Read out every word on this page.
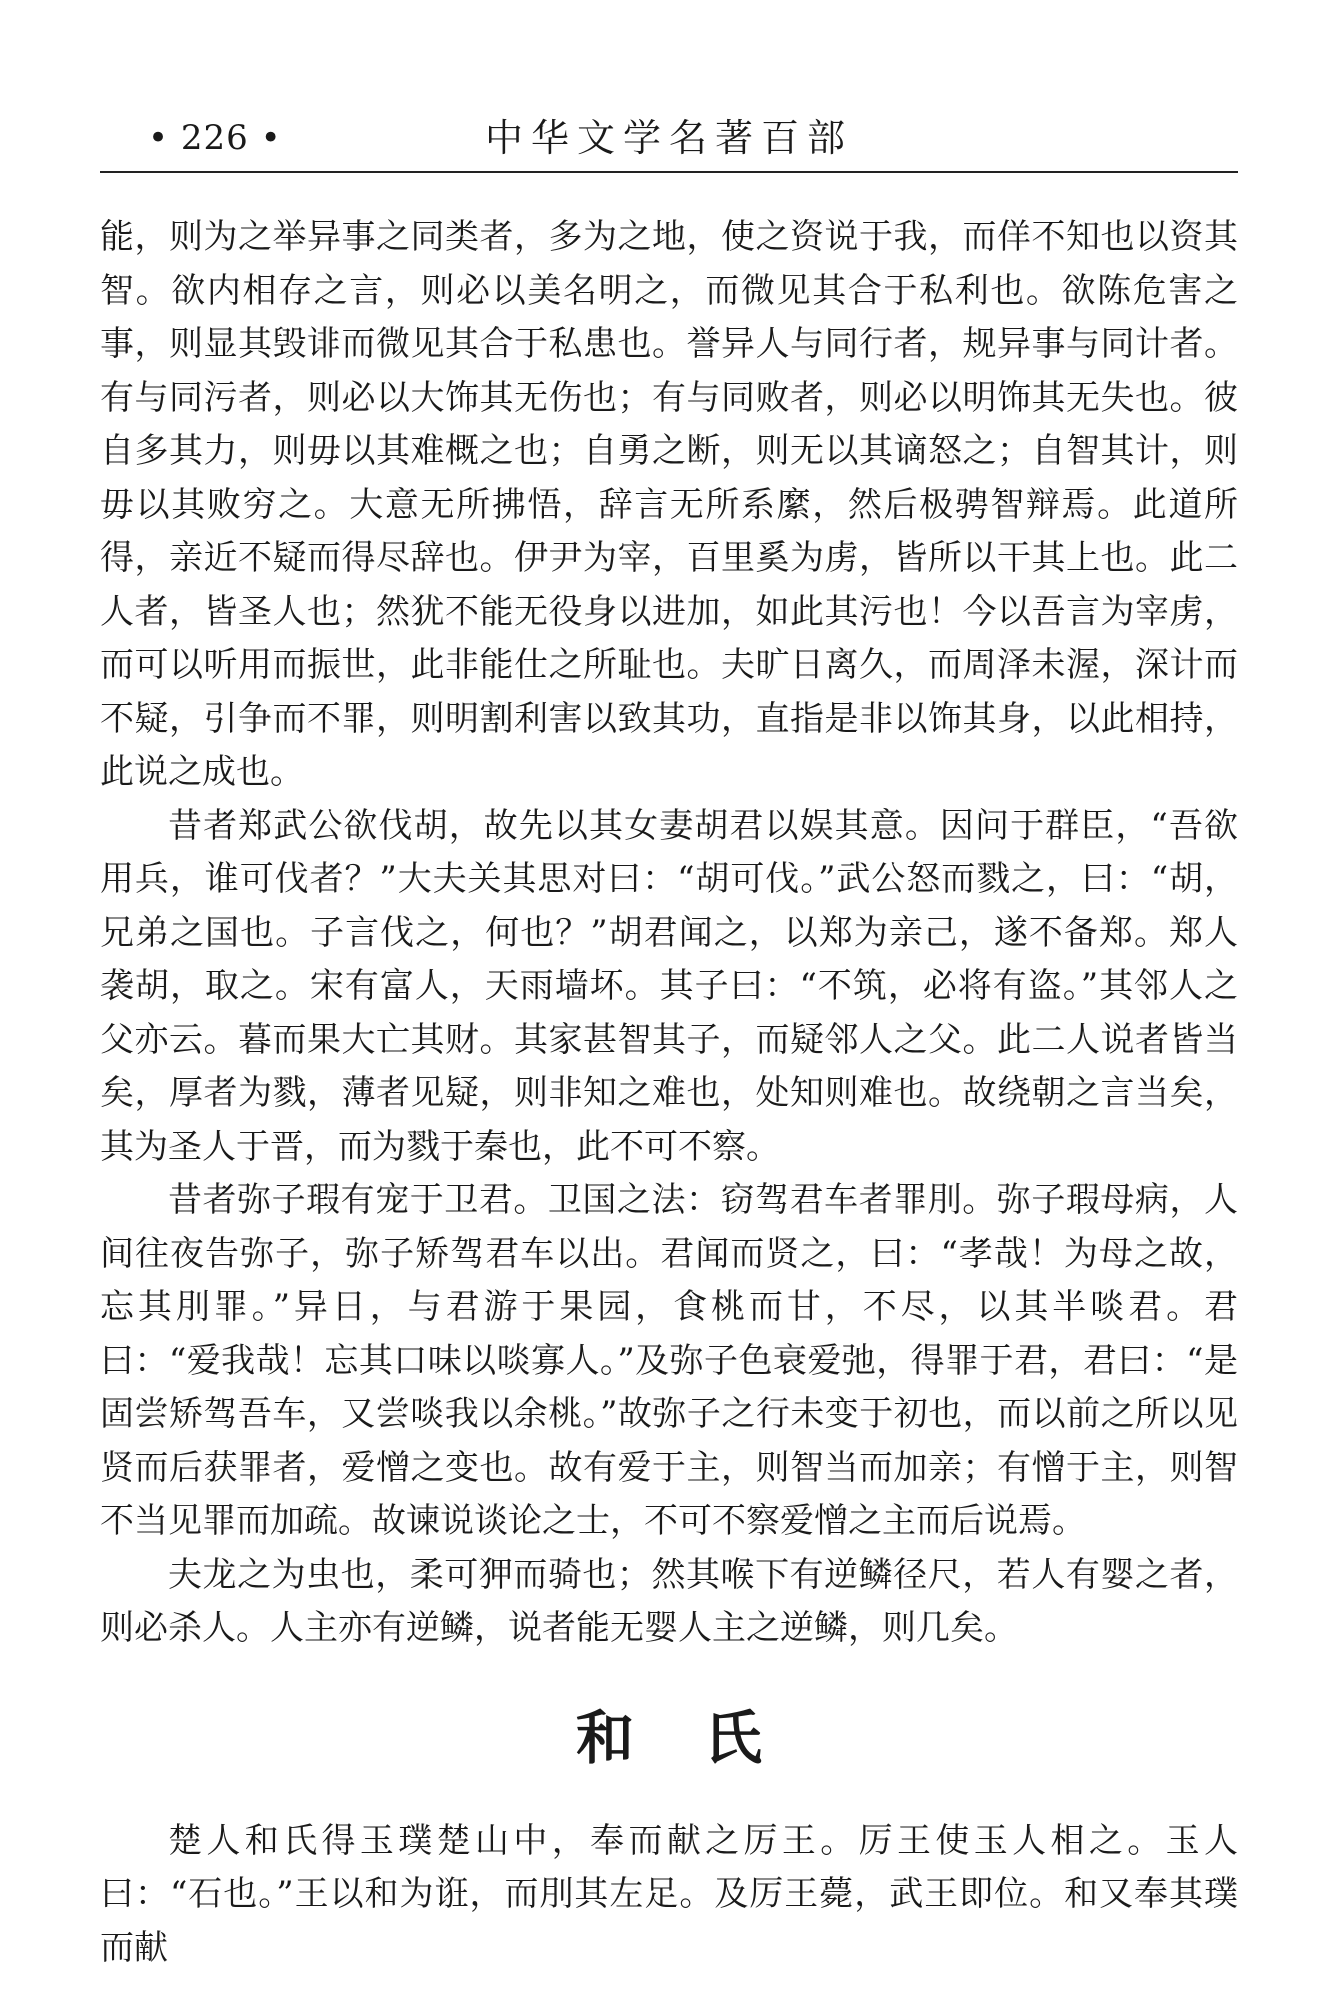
• 226 •	中华文学名著百部

能，则为之举异事之同类者，多为之地，使之资说于我，而佯不知也以资其智。欲内相存之言，则必以美名明之，而微见其合于私利也。欲陈危害之事，则显其毁诽而微见其合于私患也。誉异人与同行者，规异事与同计者。有与同污者，则必以大饰其无伤也；有与同败者，则必以明饰其无失也。彼自多其力，则毋以其难概之也；自勇之断，则无以其谪怒之；自智其计，则毋以其败穷之。大意无所拂悟，辞言无所系縻，然后极骋智辩焉。此道所得，亲近不疑而得尽辞也。伊尹为宰，百里奚为虏，皆所以干其上也。此二人者，皆圣人也；然犹不能无役身以进加，如此其污也！今以吾言为宰虏，而可以听用而振世，此非能仕之所耻也。夫旷日离久，而周泽未渥，深计而不疑，引争而不罪，则明割利害以致其功，直指是非以饰其身，以此相持，此说之成也。

昔者郑武公欲伐胡，故先以其女妻胡君以娱其意。因问于群臣，“吾欲用兵，谁可伐者？”大夫关其思对曰：“胡可伐。”武公怒而戮之，曰：“胡，兄弟之国也。子言伐之，何也？”胡君闻之，以郑为亲己，遂不备郑。郑人袭胡，取之。宋有富人，天雨墙坏。其子曰：“不筑，必将有盗。”其邻人之父亦云。暮而果大亡其财。其家甚智其子，而疑邻人之父。此二人说者皆当矣，厚者为戮，薄者见疑，则非知之难也，处知则难也。故绕朝之言当矣，其为圣人于晋，而为戮于秦也，此不可不察。

昔者弥子瑕有宠于卫君。卫国之法：窃驾君车者罪刖。弥子瑕母病，人间往夜告弥子，弥子矫驾君车以出。君闻而贤之，曰：“孝哉！为母之故，忘其刖罪。”异日，与君游于果园，食桃而甘，不尽，以其半啖君。君曰：“爱我哉！忘其口味以啖寡人。”及弥子色衰爱弛，得罪于君，君曰：“是固尝矫驾吾车，又尝啖我以余桃。”故弥子之行未变于初也，而以前之所以见贤而后获罪者，爱憎之变也。故有爱于主，则智当而加亲；有憎于主，则智不当见罪而加疏。故谏说谈论之士，不可不察爱憎之主而后说焉。

夫龙之为虫也，柔可狎而骑也；然其喉下有逆鳞径尺，若人有婴之者，则必杀人。人主亦有逆鳞，说者能无婴人主之逆鳞，则几矣。

和 氏

楚人和氏得玉璞楚山中，奉而献之厉王。厉王使玉人相之。玉人曰：“石也。”王以和为诳，而刖其左足。及厉王薨，武王即位。和又奉其璞而献
